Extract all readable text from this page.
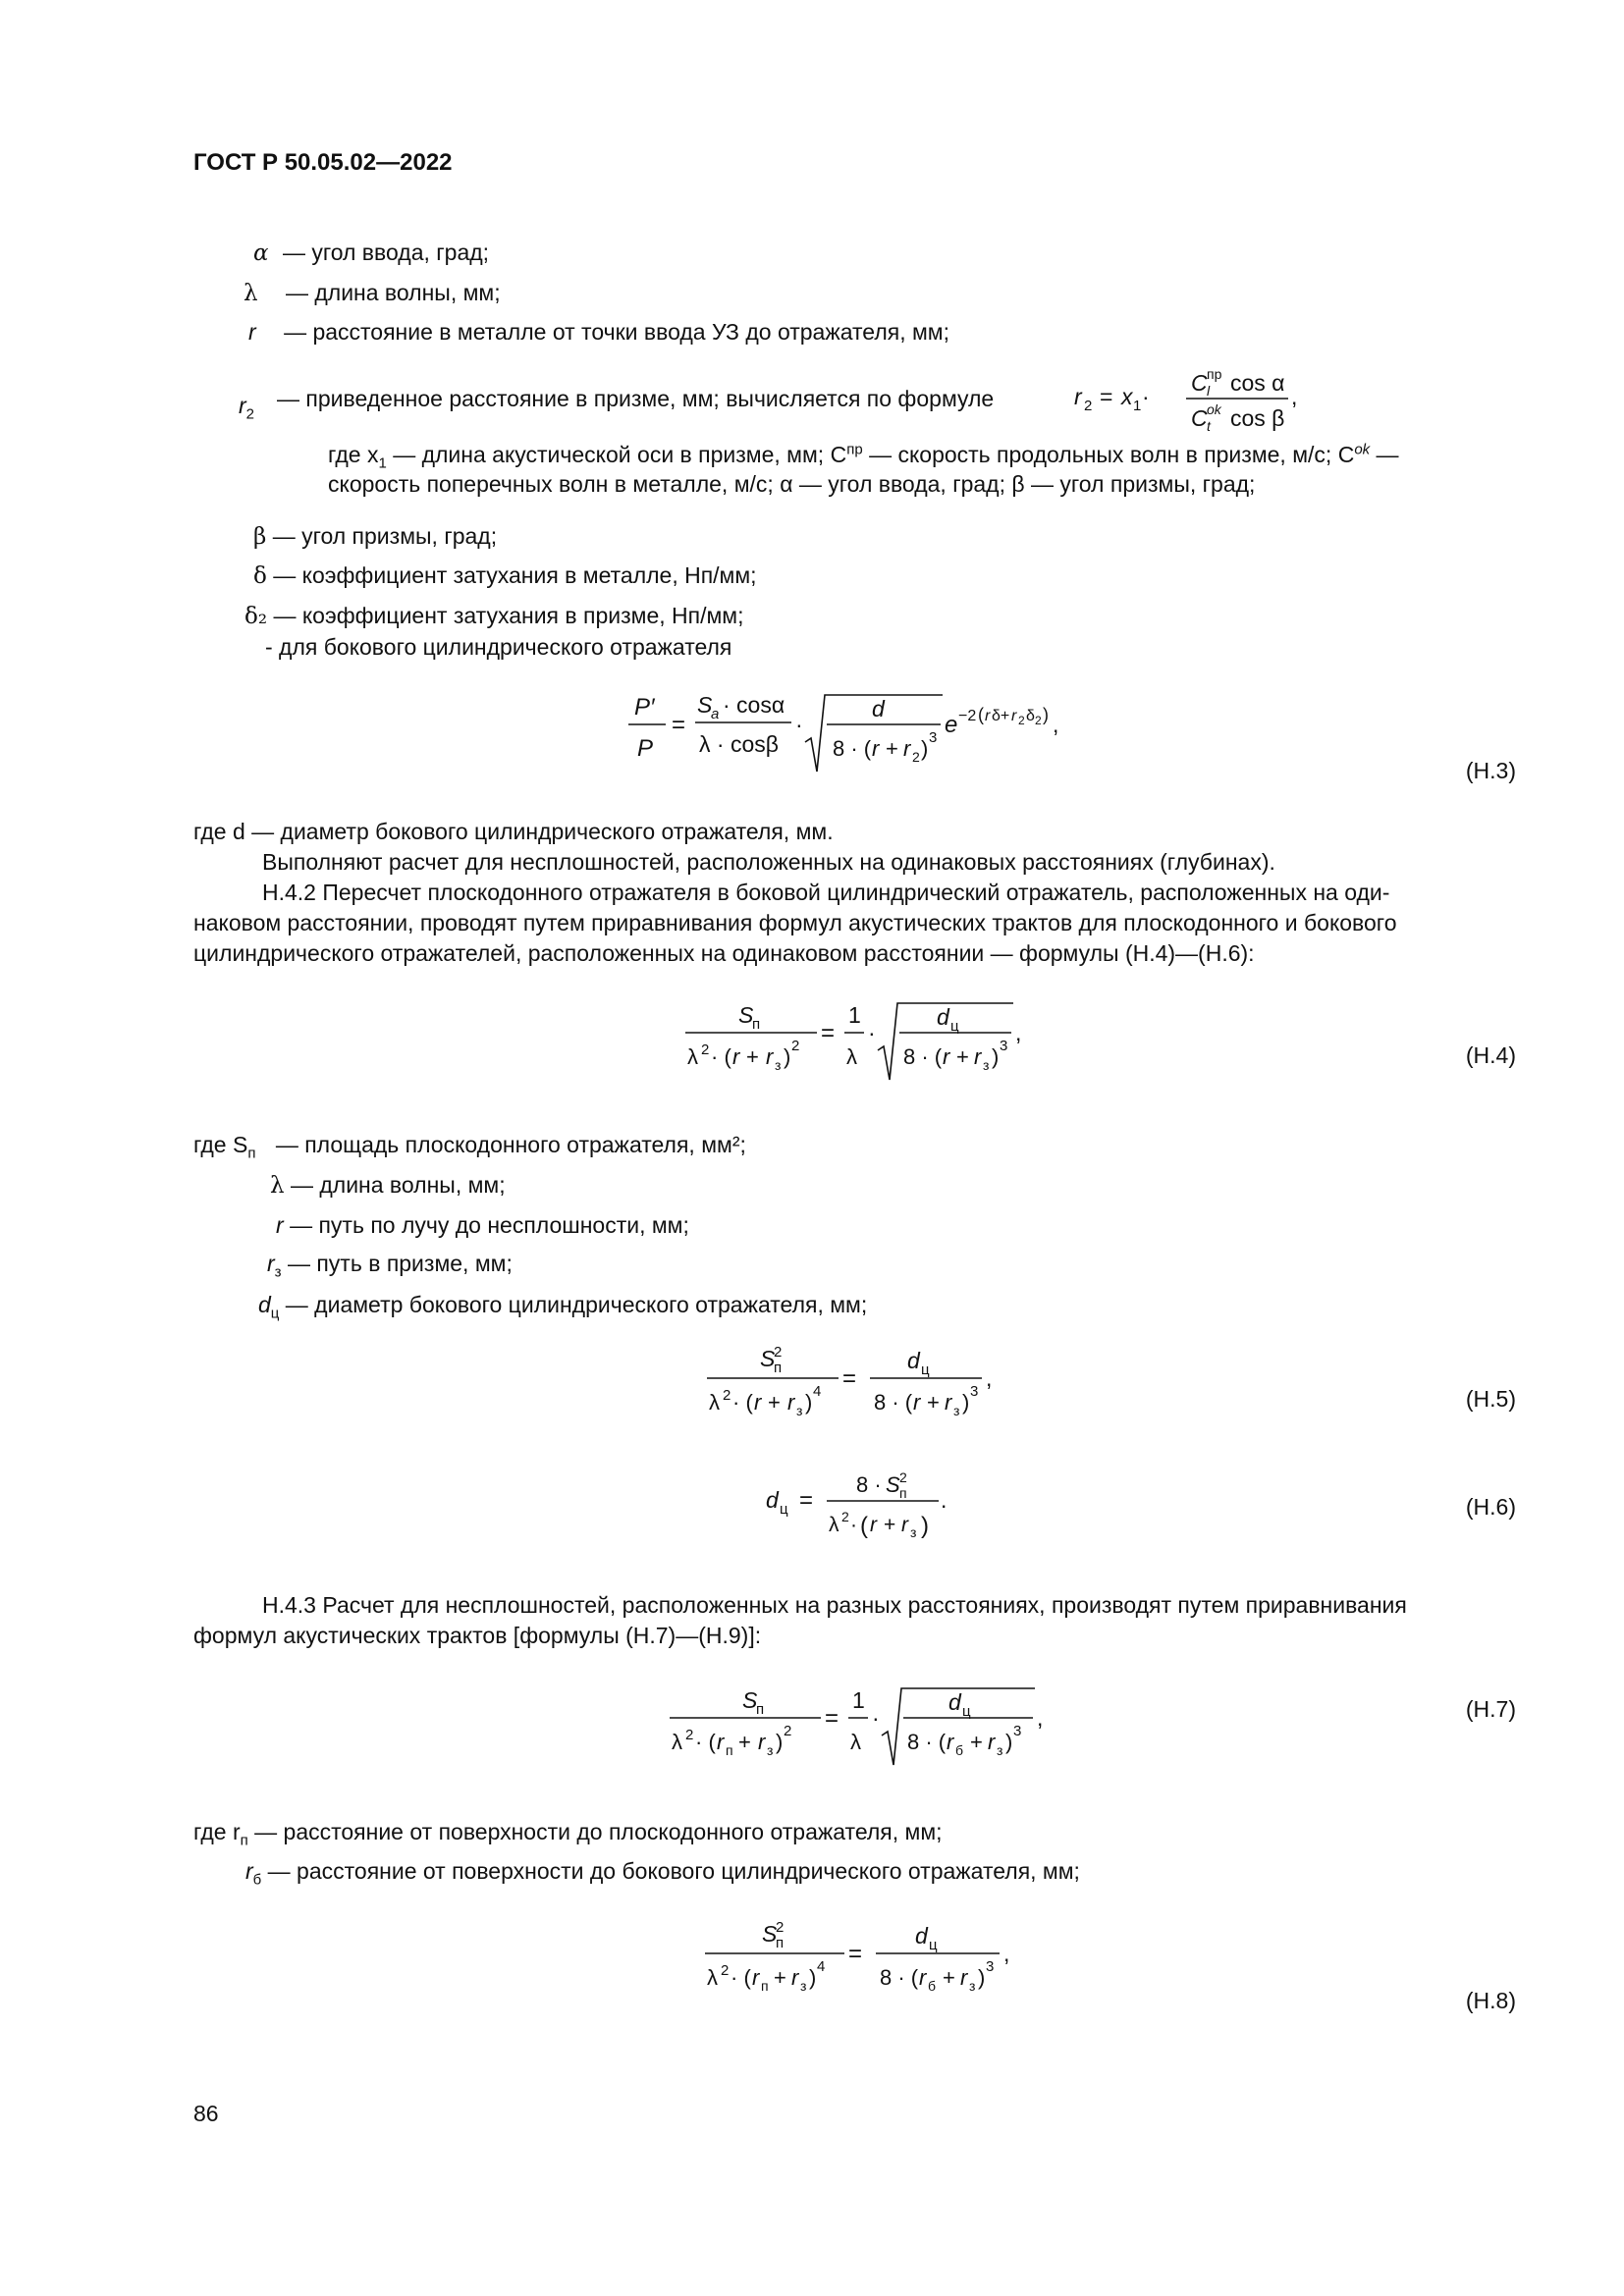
ГОСТ Р 50.05.02—2022
α — угол ввода, град;
λ — длина волны, мм;
r — расстояние в металле от точки ввода УЗ до отражателя, мм;
$r_2$
— приведенное расстояние в призме, мм; вычисляется по формуле	r 2 = x 1 ·
C l
пр cos α
C t
ok cos β
,
где $x_1$ — длина акустической оси в призме, мм; $C^{пр}$ — скорость продольных волн в призме, м/с; $C^{ok}$ —
скорость поперечных волн в металле, м/с; α — угол ввода, град; β — угол призмы, град;
β — угол призмы, град;
δ — коэффициент затухания в металле, Нп/мм;
δ₂ — коэффициент затухания в призме, Нп/мм;
- для бокового цилиндрического отражателя
P′
P
=
S
a · cosα
λ · cosβ
·
d
8 · ( r + r 2 ) 3 e −2 ( r δ+ r 2 δ 2 ) ,
(Н.3)
где d — диаметр бокового цилиндрического отражателя, мм.
Выполняют расчет для несплошностей, расположенных на одинаковых расстояниях (глубинах).
Н.4.2 Пересчет плоскодонного отражателя в боковой цилиндрический отражатель, расположенных на оди-
наковом расстоянии, проводят путем приравнивания формул акустических трактов для плоскодонного и бокового
цилиндрического отражателей, расположенных на одинаковом расстоянии — формулы (Н.4)—(Н.6):
S
п
λ 2 · ( r + r з ) 2 =
1
λ
·
d ц
8 · ( r + r з ) 3
,
(Н.4)
где $S_п$ — площадь плоскодонного отражателя, мм²;
λ — длина волны, мм;
r — путь по лучу до несплошности, мм;
$r_з$ — путь в призме, мм;
$d_ц$ — диаметр бокового цилиндрического отражателя, мм;
S
п
2
λ 2 · ( r + r з ) 4 =
d ц
8 · ( r + r з ) 3
,
(Н.5)
d ц =
8 · S п
2
λ 2 · ( r + r з )
.	(Н.6)
Н.4.3 Расчет для несплошностей, расположенных на разных расстояниях, производят путем приравнивания
формул акустических трактов [формулы (Н.7)—(Н.9)]:
S
п
λ 2 · ( r п + r з ) 2 =
1
λ
·
d ц
8 · ( r б + r з ) 3
,	(Н.7)
где $r_п$ — расстояние от поверхности до плоскодонного отражателя, мм;
$r_б$ — расстояние от поверхности до бокового цилиндрического отражателя, мм;
S
п
2
λ 2 · ( r п + r з ) 4 =
d ц
8 · ( r б + r з ) 3
,
(Н.8)
86
